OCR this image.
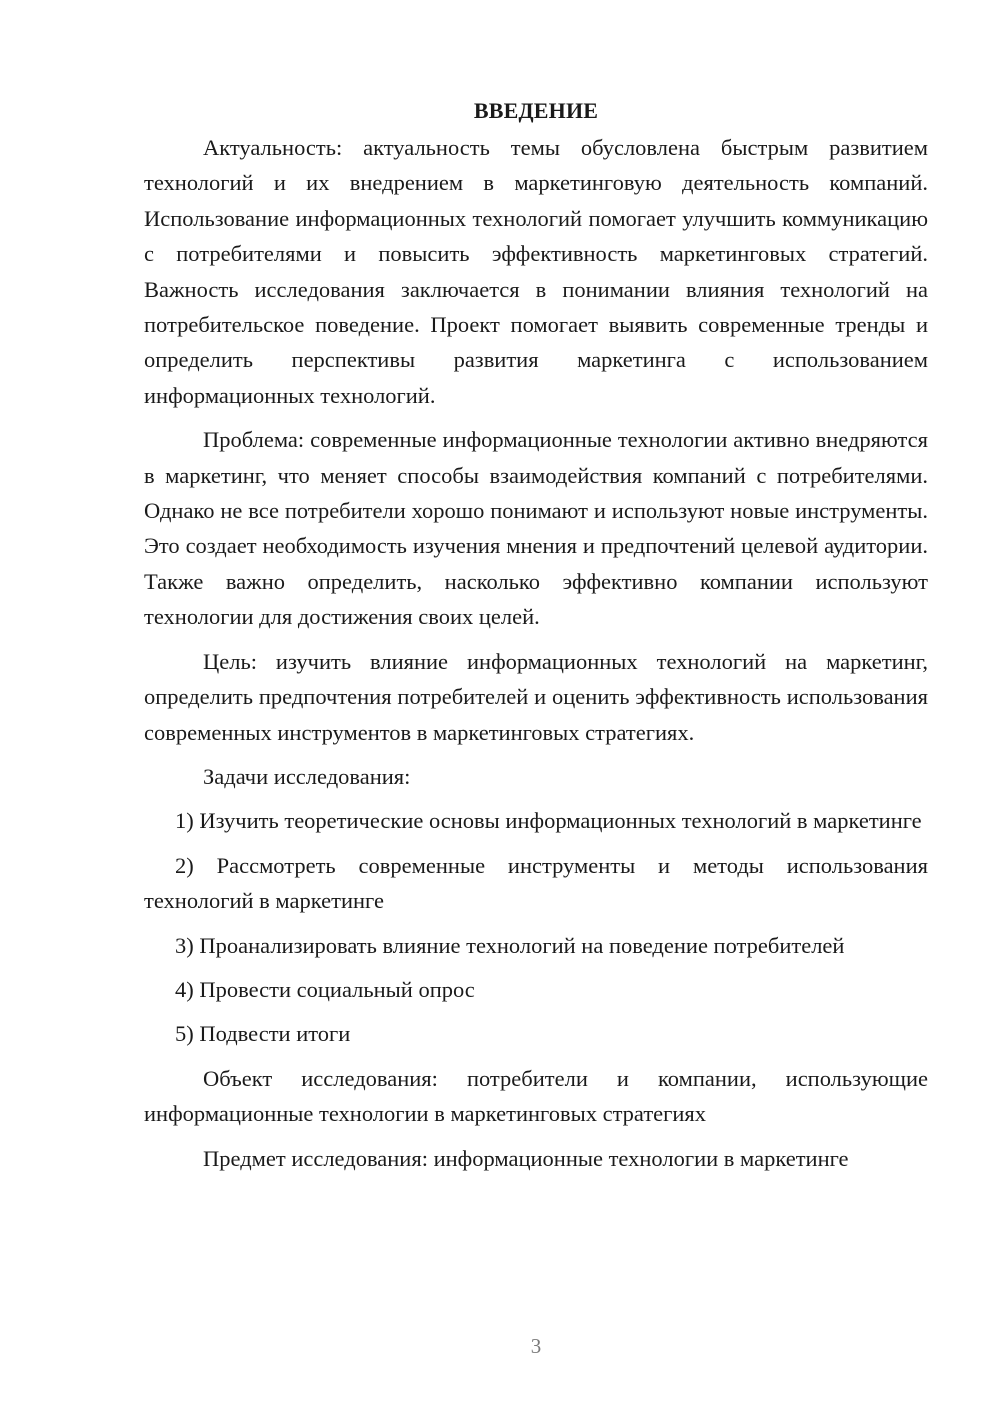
ВВЕДЕНИЕ

Актуальность: актуальность темы обусловлена быстрым развитием технологий и их внедрением в маркетинговую деятельность компаний. Использование информационных технологий помогает улучшить коммуникацию с потребителями и повысить эффективность маркетинговых стратегий. Важность исследования заключается в понимании влияния технологий на потребительское поведение. Проект помогает выявить современные тренды и определить перспективы развития маркетинга с использованием информационных технологий.

Проблема: современные информационные технологии активно внедряются в маркетинг, что меняет способы взаимодействия компаний с потребителями. Однако не все потребители хорошо понимают и используют новые инструменты. Это создает необходимость изучения мнения и предпочтений целевой аудитории. Также важно определить, насколько эффективно компании используют технологии для достижения своих целей.

Цель: изучить влияние информационных технологий на маркетинг, определить предпочтения потребителей и оценить эффективность использования современных инструментов в маркетинговых стратегиях.

Задачи исследования:

1) Изучить теоретические основы информационных технологий в маркетинге

2) Рассмотреть современные инструменты и методы использования технологий в маркетинге

3) Проанализировать влияние технологий на поведение потребителей

4) Провести социальный опрос

5) Подвести итоги

Объект исследования: потребители и компании, использующие информационные технологии в маркетинговых стратегиях

Предмет исследования: информационные технологии в маркетинге

3
